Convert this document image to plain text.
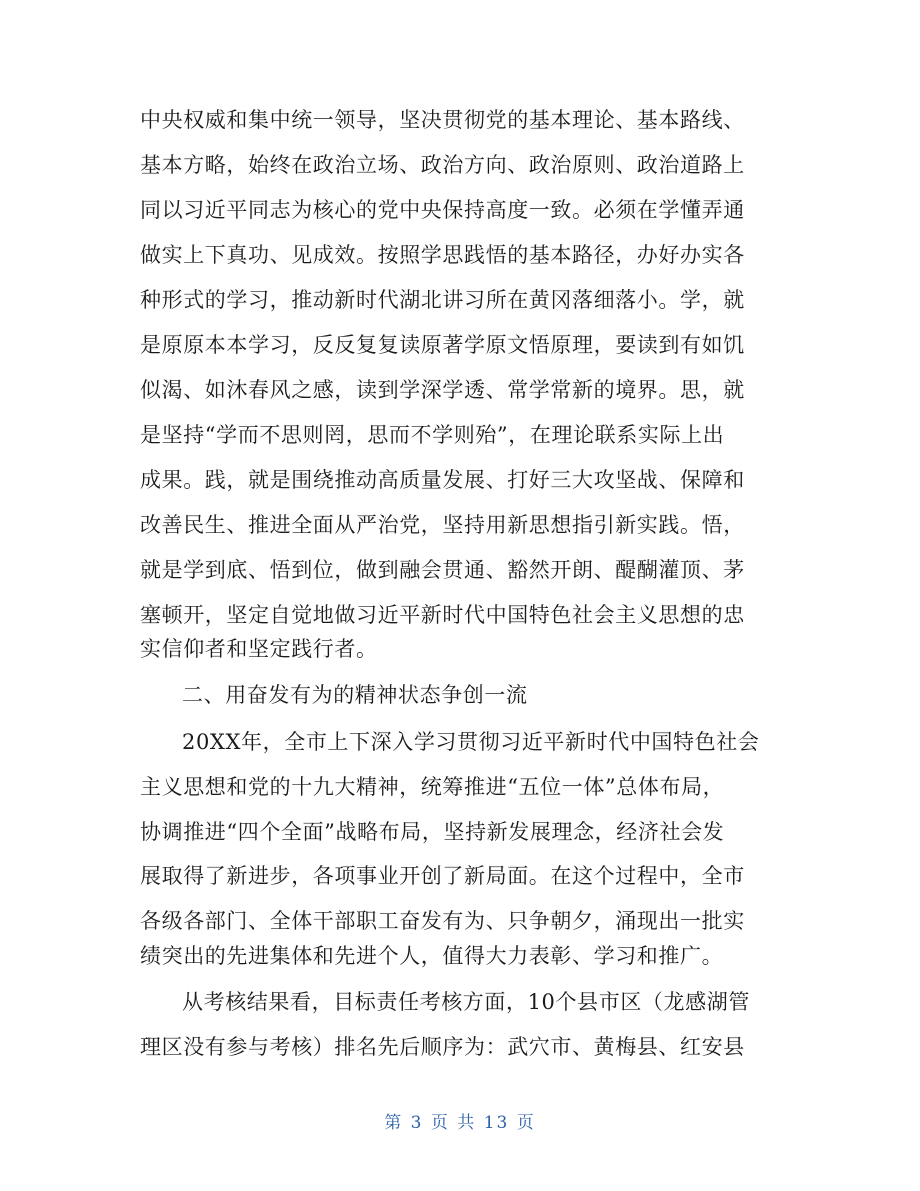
中央权威和集中统一领导，坚决贯彻党的基本理论、基本路线、
基本方略，始终在政治立场、政治方向、政治原则、政治道路上
同以习近平同志为核心的党中央保持高度一致。必须在学懂弄通
做实上下真功、见成效。按照学思践悟的基本路径，办好办实各
种形式的学习，推动新时代湖北讲习所在黄冈落细落小。学，就
是原原本本学习，反反复复读原著学原文悟原理，要读到有如饥
似渴、如沐春风之感，读到学深学透、常学常新的境界。思，就
是坚持“学而不思则罔，思而不学则殆”，在理论联系实际上出
成果。践，就是围绕推动高质量发展、打好三大攻坚战、保障和
改善民生、推进全面从严治党，坚持用新思想指引新实践。悟，
就是学到底、悟到位，做到融会贯通、豁然开朗、醍醐灌顶、茅
塞顿开，坚定自觉地做习近平新时代中国特色社会主义思想的忠
实信仰者和坚定践行者。
二、用奋发有为的精神状态争创一流
20XX年，全市上下深入学习贯彻习近平新时代中国特色社会
主义思想和党的十九大精神，统筹推进“五位一体”总体布局，
协调推进“四个全面”战略布局，坚持新发展理念，经济社会发
展取得了新进步，各项事业开创了新局面。在这个过程中，全市
各级各部门、全体干部职工奋发有为、只争朝夕，涌现出一批实
绩突出的先进集体和先进个人，值得大力表彰、学习和推广。
从考核结果看，目标责任考核方面，10个县市区（龙感湖管
理区没有参与考核）排名先后顺序为：武穴市、黄梅县、红安县
第 3 页 共 13 页
